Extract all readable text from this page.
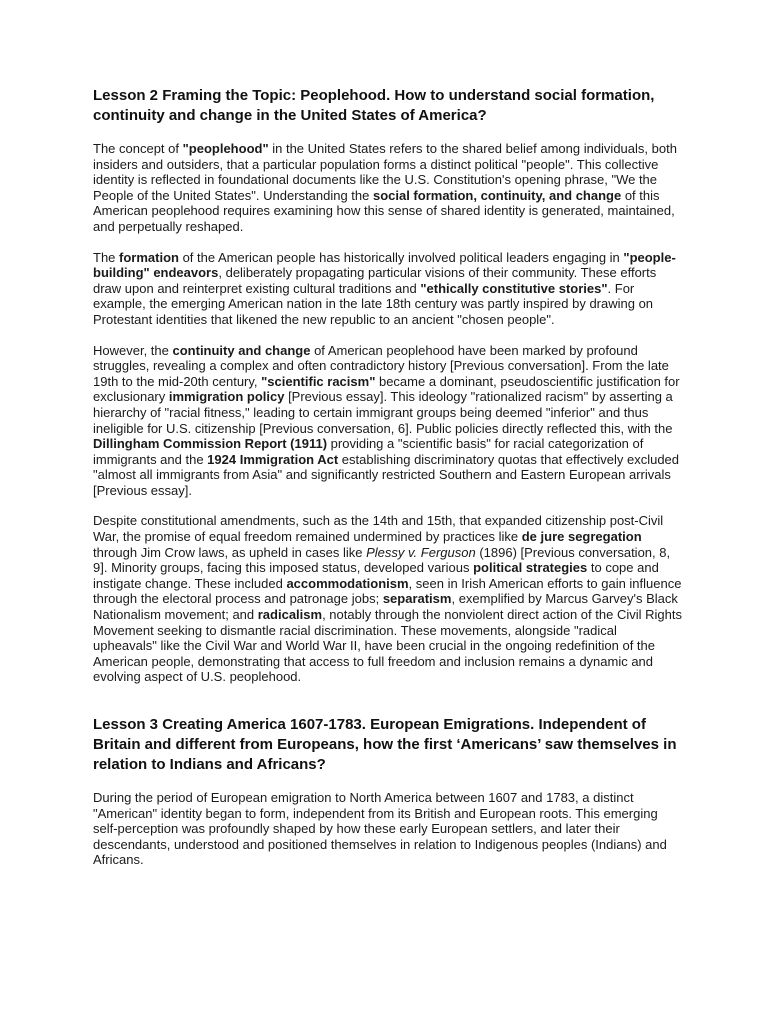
Lesson 2 Framing the Topic: Peoplehood. How to understand social formation, continuity and change in the United States of America?

The concept of "peoplehood" in the United States refers to the shared belief among individuals, both insiders and outsiders, that a particular population forms a distinct political "people". This collective identity is reflected in foundational documents like the U.S. Constitution's opening phrase, "We the People of the United States". Understanding the social formation, continuity, and change of this American peoplehood requires examining how this sense of shared identity is generated, maintained, and perpetually reshaped.

The formation of the American people has historically involved political leaders engaging in "people-building" endeavors, deliberately propagating particular visions of their community. These efforts draw upon and reinterpret existing cultural traditions and "ethically constitutive stories". For example, the emerging American nation in the late 18th century was partly inspired by drawing on Protestant identities that likened the new republic to an ancient "chosen people".

However, the continuity and change of American peoplehood have been marked by profound struggles, revealing a complex and often contradictory history [Previous conversation]. From the late 19th to the mid-20th century, "scientific racism" became a dominant, pseudoscientific justification for exclusionary immigration policy [Previous essay]. This ideology "rationalized racism" by asserting a hierarchy of "racial fitness," leading to certain immigrant groups being deemed "inferior" and thus ineligible for U.S. citizenship [Previous conversation, 6]. Public policies directly reflected this, with the Dillingham Commission Report (1911) providing a "scientific basis" for racial categorization of immigrants and the 1924 Immigration Act establishing discriminatory quotas that effectively excluded "almost all immigrants from Asia" and significantly restricted Southern and Eastern European arrivals [Previous essay].

Despite constitutional amendments, such as the 14th and 15th, that expanded citizenship post-Civil War, the promise of equal freedom remained undermined by practices like de jure segregation through Jim Crow laws, as upheld in cases like Plessy v. Ferguson (1896) [Previous conversation, 8, 9]. Minority groups, facing this imposed status, developed various political strategies to cope and instigate change. These included accommodationism, seen in Irish American efforts to gain influence through the electoral process and patronage jobs; separatism, exemplified by Marcus Garvey's Black Nationalism movement; and radicalism, notably through the nonviolent direct action of the Civil Rights Movement seeking to dismantle racial discrimination. These movements, alongside "radical upheavals" like the Civil War and World War II, have been crucial in the ongoing redefinition of the American people, demonstrating that access to full freedom and inclusion remains a dynamic and evolving aspect of U.S. peoplehood.

Lesson 3 Creating America 1607-1783. European Emigrations. Independent of Britain and different from Europeans, how the first ‘Americans’ saw themselves in relation to Indians and Africans?

During the period of European emigration to North America between 1607 and 1783, a distinct "American" identity began to form, independent from its British and European roots. This emerging self-perception was profoundly shaped by how these early European settlers, and later their descendants, understood and positioned themselves in relation to Indigenous peoples (Indians) and Africans.
